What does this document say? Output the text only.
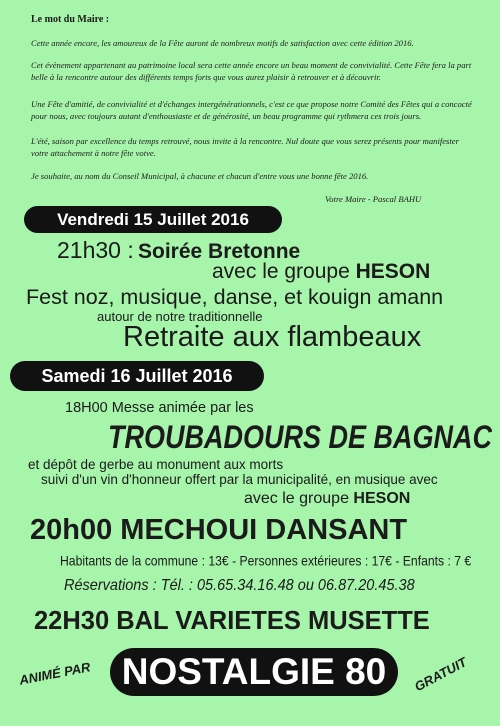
Le mot du Maire :
Cette année encore, les amoureux de la Fête auront de nombreux motifs de satisfaction avec cette édition 2016.
Cet évènement appartenant au patrimoine local sera cette année encore un beau moment de convivialité. Cette Fête fera la part belle à la rencontre autour des différents temps forts que vous aurez plaisir à retrouver et à découvrir.
Une Fête d'amitié, de convivialité et d'échanges intergénérationnels, c'est ce que propose notre Comité des Fêtes qui a concocté pour nous, avec toujours autant d'enthousiaste et de générosité, un beau programme qui rythmera ces trois jours.
L'été, saison par excellence du temps retrouvé, nous invite à la rencontre. Nul doute que vous serez présents pour manifester votre attachement à notre fête votve.
Je souhaite, au nom du Conseil Municipal, à chacune et chacun d'entre vous une bonne fête 2016.
Votre Maire - Pascal BAHU
Vendredi 15 Juillet 2016
21h30 : Soirée Bretonne
avec le groupe HESON
Fest noz, musique, danse, et kouign amann
autour de notre traditionnelle
Retraite aux flambeaux
Samedi 16 Juillet 2016
18H00 Messe animée par les
TROUBADOURS DE BAGNAC
et dépôt de gerbe au monument aux morts
suivi d'un vin d'honneur offert par la municipalité, en musique avec
avec le groupe HESON
20h00 MECHOUI DANSANT
Habitants de la commune : 13€ - Personnes extérieures : 17€ - Enfants : 7 €
Réservations : Tél. : 05.65.34.16.48 ou 06.87.20.45.38
22H30 BAL VARIETES MUSETTE
ANIMÉ PAR NOSTALGIE 80	GRATUIT
